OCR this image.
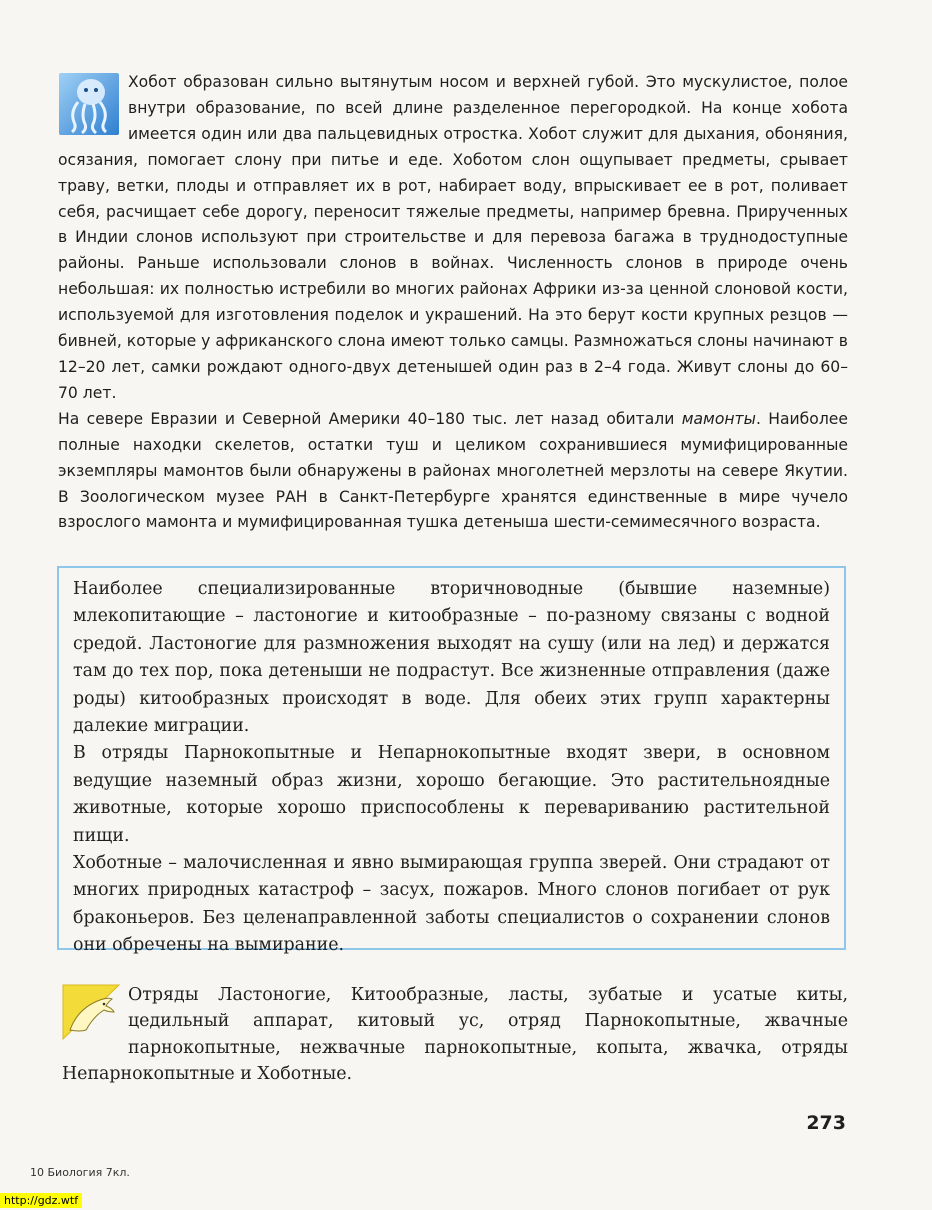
Хобот образован сильно вытянутым носом и верхней губой. Это мускулистое, полое внутри образование, по всей длине разделенное перегородкой. На конце хобота имеется один или два пальцевидных отростка. Хобот служит для дыхания, обоняния, осязания, помогает слону при питье и еде. Хоботом слон ощупывает предметы, срывает траву, ветки, плоды и отправляет их в рот, набирает воду, впрыскивает ее в рот, поливает себя, расчищает себе дорогу, переносит тяжелые предметы, например бревна. Прирученных в Индии слонов используют при строительстве и для перевоза багажа в труднодоступные районы. Раньше использовали слонов в войнах. Численность слонов в природе очень небольшая: их полностью истребили во многих районах Африки из-за ценной слоновой кости, используемой для изготовления поделок и украшений. На это берут кости крупных резцов — бивней, которые у африканского слона имеют только самцы. Размножаться слоны начинают в 12–20 лет, самки рождают одного-двух детенышей один раз в 2–4 года. Живут слоны до 60–70 лет.

На севере Евразии и Северной Америки 40–180 тыс. лет назад обитали мамонты. Наиболее полные находки скелетов, остатки туш и целиком сохранившиеся мумифицированные экземпляры мамонтов были обнаружены в районах многолетней мерзлоты на севере Якутии. В Зоологическом музее РАН в Санкт-Петербурге хранятся единственные в мире чучело взрослого мамонта и мумифицированная тушка детеныша шести-семимесячного возраста.

Наиболее специализированные вторичноводные (бывшие наземные) млекопитающие – ластоногие и китообразные – по-разному связаны с водной средой. Ластоногие для размножения выходят на сушу (или на лед) и держатся там до тех пор, пока детеныши не подрастут. Все жизненные отправления (даже роды) китообразных происходят в воде. Для обеих этих групп характерны далекие миграции.

В отряды Парнокопытные и Непарнокопытные входят звери, в основном ведущие наземный образ жизни, хорошо бегающие. Это растительноядные животные, которые хорошо приспособлены к перевариванию растительной пищи.

Хоботные – малочисленная и явно вымирающая группа зверей. Они страдают от многих природных катастроф – засух, пожаров. Много слонов погибает от рук браконьеров. Без целенаправленной заботы специалистов о сохранении слонов они обречены на вымирание.

Отряды Ластоногие, Китообразные, ласты, зубатые и усатые киты, цедильный аппарат, китовый ус, отряд Парнокопытные, жвачные парнокопытные, нежвачные парнокопытные, копыта, жвачка, отряды Непарнокопытные и Хоботные.

273
10 Биология 7кл.
http://gdz.wtf
